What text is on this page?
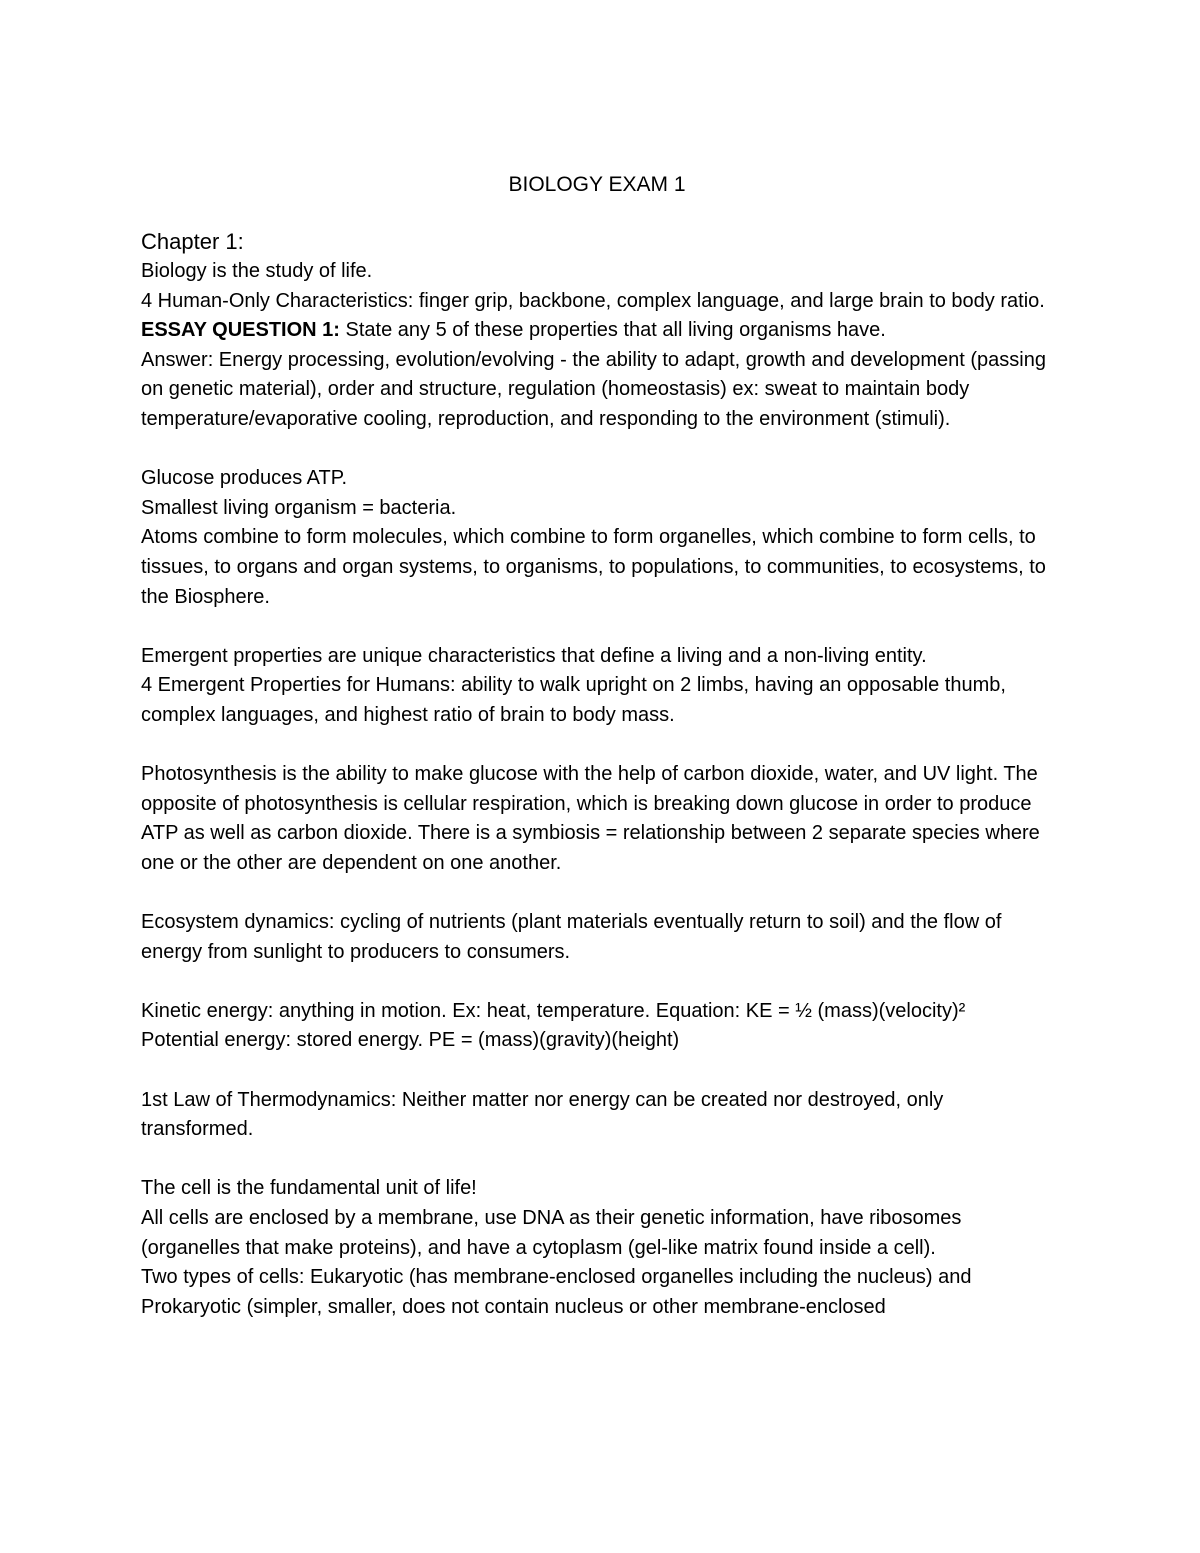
BIOLOGY EXAM 1
Chapter 1:

Biology is the study of life.

4 Human-Only Characteristics: finger grip, backbone, complex language, and large brain to body ratio.

ESSAY QUESTION 1: State any 5 of these properties that all living organisms have.

Answer: Energy processing, evolution/evolving - the ability to adapt, growth and development (passing on genetic material), order and structure, regulation (homeostasis) ex: sweat to maintain body temperature/evaporative cooling, reproduction, and responding to the environment (stimuli).

Glucose produces ATP.

Smallest living organism = bacteria.

Atoms combine to form molecules, which combine to form organelles, which combine to form cells, to tissues, to organs and organ systems, to organisms, to populations, to communities, to ecosystems, to the Biosphere.

Emergent properties are unique characteristics that define a living and a non-living entity.

4 Emergent Properties for Humans: ability to walk upright on 2 limbs, having an opposable thumb, complex languages, and highest ratio of brain to body mass.

Photosynthesis is the ability to make glucose with the help of carbon dioxide, water, and UV light. The opposite of photosynthesis is cellular respiration, which is breaking down glucose in order to produce ATP as well as carbon dioxide. There is a symbiosis = relationship between 2 separate species where one or the other are dependent on one another.

Ecosystem dynamics: cycling of nutrients (plant materials eventually return to soil) and the flow of energy from sunlight to producers to consumers.

Kinetic energy: anything in motion. Ex: heat, temperature. Equation: KE = ½ (mass)(velocity)²

Potential energy: stored energy. PE = (mass)(gravity)(height)

1st Law of Thermodynamics: Neither matter nor energy can be created nor destroyed, only transformed.

The cell is the fundamental unit of life!

All cells are enclosed by a membrane, use DNA as their genetic information, have ribosomes (organelles that make proteins), and have a cytoplasm (gel-like matrix found inside a cell).

Two types of cells: Eukaryotic (has membrane-enclosed organelles including the nucleus) and Prokaryotic (simpler, smaller, does not contain nucleus or other membrane-enclosed
